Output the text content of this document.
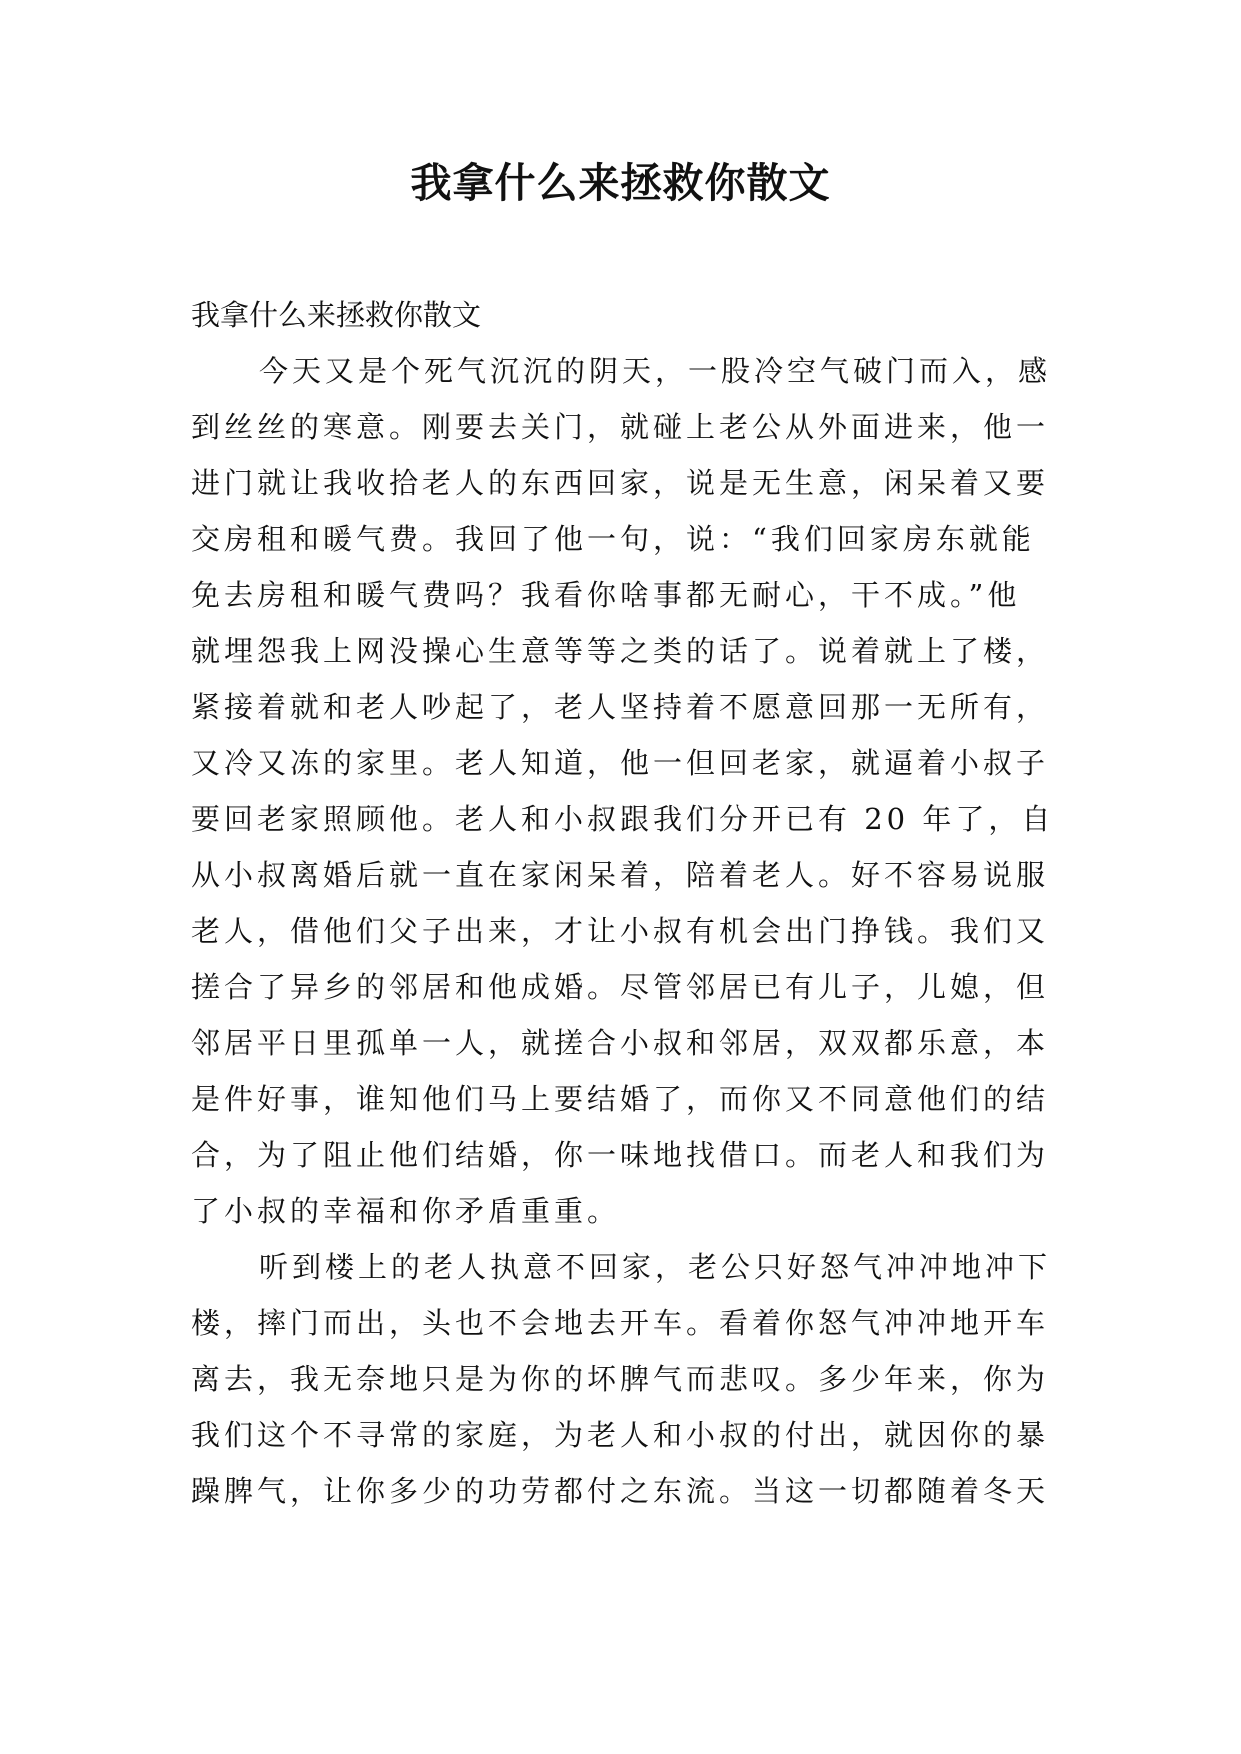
我拿什么来拯救你散文

我拿什么来拯救你散文

今天又是个死气沉沉的阴天，一股冷空气破门而入，感

到丝丝的寒意。刚要去关门，就碰上老公从外面进来，他一

进门就让我收拾老人的东西回家，说是无生意，闲呆着又要

交房租和暖气费。我回了他一句，说：“我们回家房东就能

免去房租和暖气费吗？我看你啥事都无耐心，干不成。”他

就埋怨我上网没操心生意等等之类的话了。说着就上了楼，

紧接着就和老人吵起了，老人坚持着不愿意回那一无所有，

又冷又冻的家里。老人知道，他一但回老家，就逼着小叔子

要回老家照顾他。老人和小叔跟我们分开已有 20 年了，自

从小叔离婚后就一直在家闲呆着，陪着老人。好不容易说服

老人，借他们父子出来，才让小叔有机会出门挣钱。我们又

搓合了异乡的邻居和他成婚。尽管邻居已有儿子，儿媳，但

邻居平日里孤单一人，就搓合小叔和邻居，双双都乐意，本

是件好事，谁知他们马上要结婚了，而你又不同意他们的结

合，为了阻止他们结婚，你一味地找借口。而老人和我们为

了小叔的幸福和你矛盾重重。

听到楼上的老人执意不回家，老公只好怒气冲冲地冲下

楼，摔门而出，头也不会地去开车。看着你怒气冲冲地开车

离去，我无奈地只是为你的坏脾气而悲叹。多少年来，你为

我们这个不寻常的家庭，为老人和小叔的付出，就因你的暴

躁脾气，让你多少的功劳都付之东流。当这一切都随着冬天
